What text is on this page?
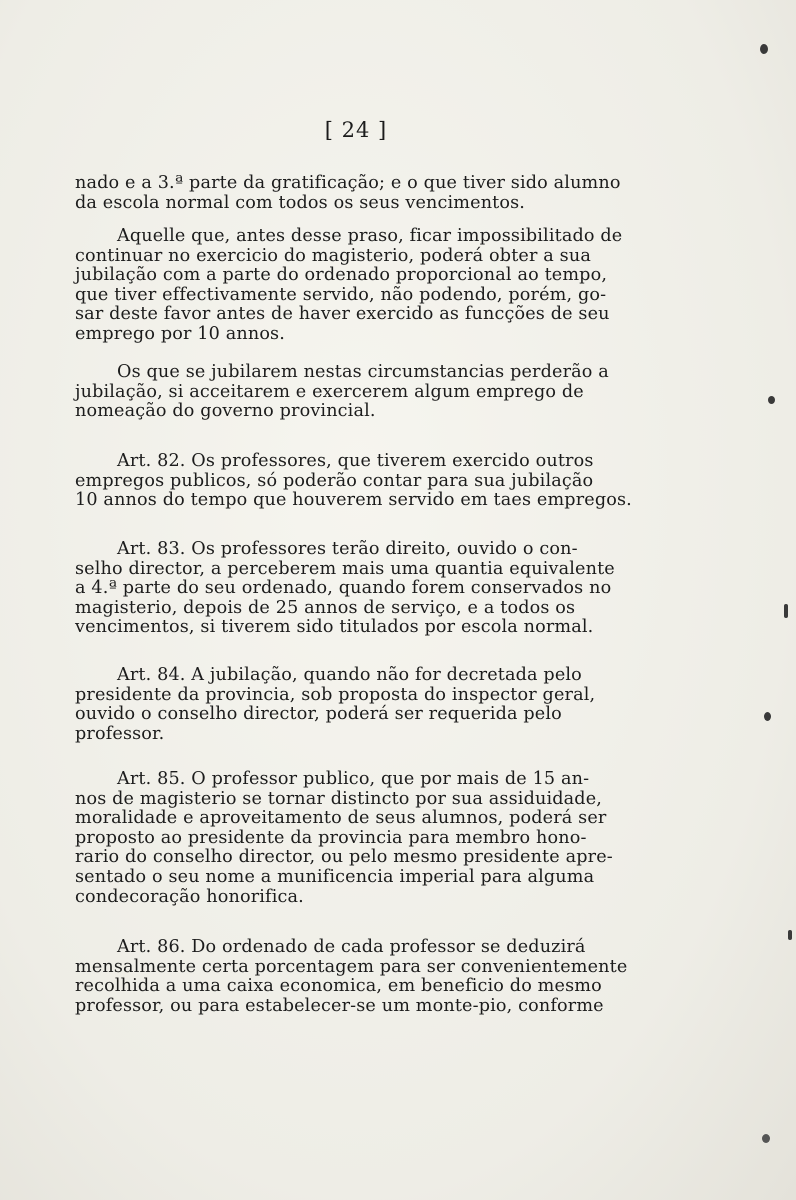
[ 24 ]
nado e a 3.ª parte da gratificação; e o que tiver sido alumno
da escola normal com todos os seus vencimentos.
Aquelle que, antes desse praso, ficar impossibilitado de
continuar no exercicio do magisterio, poderá obter a sua
jubilação com a parte do ordenado proporcional ao tempo,
que tiver effectivamente servido, não podendo, porém, go-
sar deste favor antes de haver exercido as funcções de seu
emprego por 10 annos.
Os que se jubilarem nestas circumstancias perderão a
jubilação, si acceitarem e exercerem algum emprego de
nomeação do governo provincial.
Art. 82. Os professores, que tiverem exercido outros
empregos publicos, só poderão contar para sua jubilação
10 annos do tempo que houverem servido em taes empregos.
Art. 83. Os professores terão direito, ouvido o con-
selho director, a perceberem mais uma quantia equivalente
a 4.ª parte do seu ordenado, quando forem conservados no
magisterio, depois de 25 annos de serviço, e a todos os
vencimentos, si tiverem sido titulados por escola normal.
Art. 84. A jubilação, quando não for decretada pelo
presidente da provincia, sob proposta do inspector geral,
ouvido o conselho director, poderá ser requerida pelo
professor.
Art. 85. O professor publico, que por mais de 15 an-
nos de magisterio se tornar distincto por sua assiduidade,
moralidade e aproveitamento de seus alumnos, poderá ser
proposto ao presidente da provincia para membro hono-
rario do conselho director, ou pelo mesmo presidente apre-
sentado o seu nome a munificencia imperial para alguma
condecoração honorifica.
Art. 86. Do ordenado de cada professor se deduzirá
mensalmente certa porcentagem para ser convenientemente
recolhida a uma caixa economica, em beneficio do mesmo
professor, ou para estabelecer-se um monte-pio, conforme
